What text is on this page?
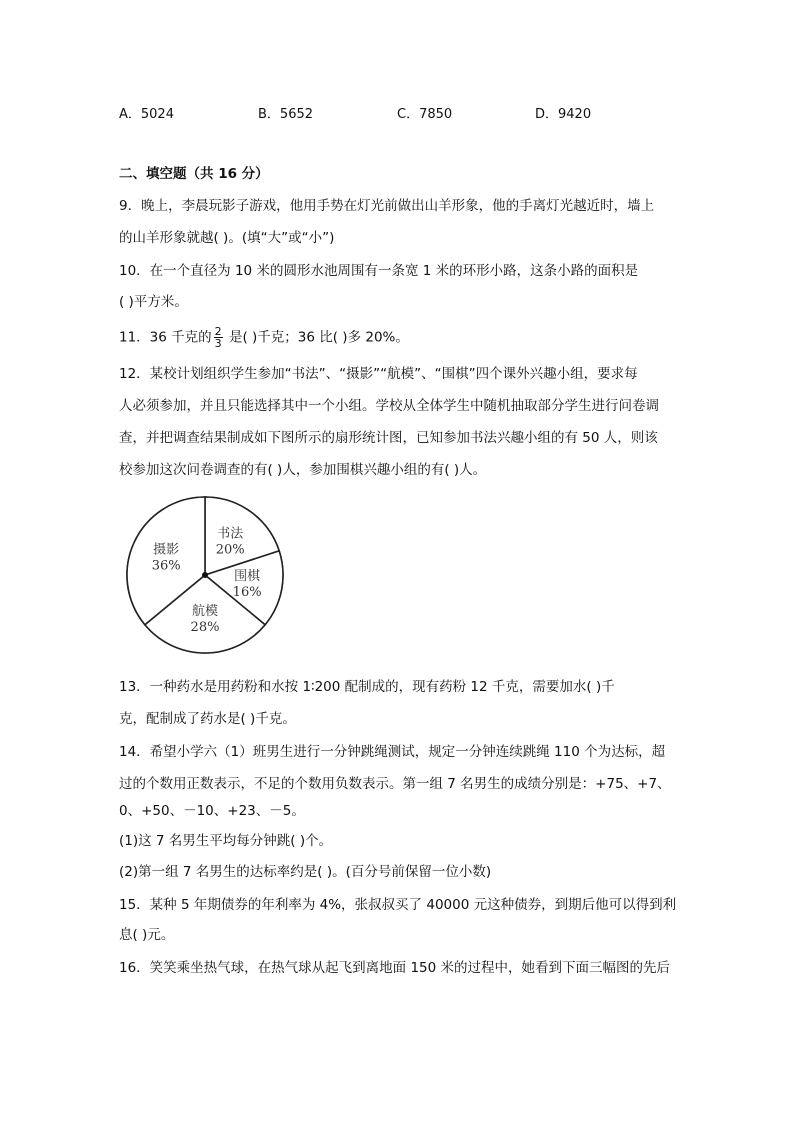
A．5024	B．5652	C．7850	D．9420
二、填空题（共 16 分）
9．晚上，李晨玩影子游戏，他用手势在灯光前做出山羊形象，他的手离灯光越近时，墙上
的山羊形象就越( )。(填“大”或“小”)
10．在一个直径为 10 米的圆形水池周围有一条宽 1 米的环形小路，这条小路的面积是
( )平方米。
11．36 千克的 $\frac{2}{3}$ 是( )千克；36 比( )多 20%。
12．某校计划组织学生参加“书法”、“摄影”“航模”、“围棋”四个课外兴趣小组，要求每
人必须参加，并且只能选择其中一个小组。学校从全体学生中随机抽取部分学生进行问卷调
查，并把调查结果制成如下图所示的扇形统计图，已知参加书法兴趣小组的有 50 人，则该
校参加这次问卷调查的有( )人，参加围棋兴趣小组的有( )人。
书法
20%
围棋
16%
航模
28%
摄影
36%
13．一种药水是用药粉和水按 1∶200 配制成的，现有药粉 12 千克，需要加水( )千
克，配制成了药水是( )千克。
14．希望小学六（1）班男生进行一分钟跳绳测试，规定一分钟连续跳绳 110 个为达标，超
过的个数用正数表示，不足的个数用负数表示。第一组 7 名男生的成绩分别是：+75、+7、
0、+50、－10、+23、－5。
(1)这 7 名男生平均每分钟跳( )个。
(2)第一组 7 名男生的达标率约是( )。(百分号前保留一位小数)
15．某种 5 年期债券的年利率为 4%，张叔叔买了 40000 元这种债券，到期后他可以得到利
息( )元。
16．笑笑乘坐热气球，在热气球从起飞到离地面 150 米的过程中，她看到下面三幅图的先后
